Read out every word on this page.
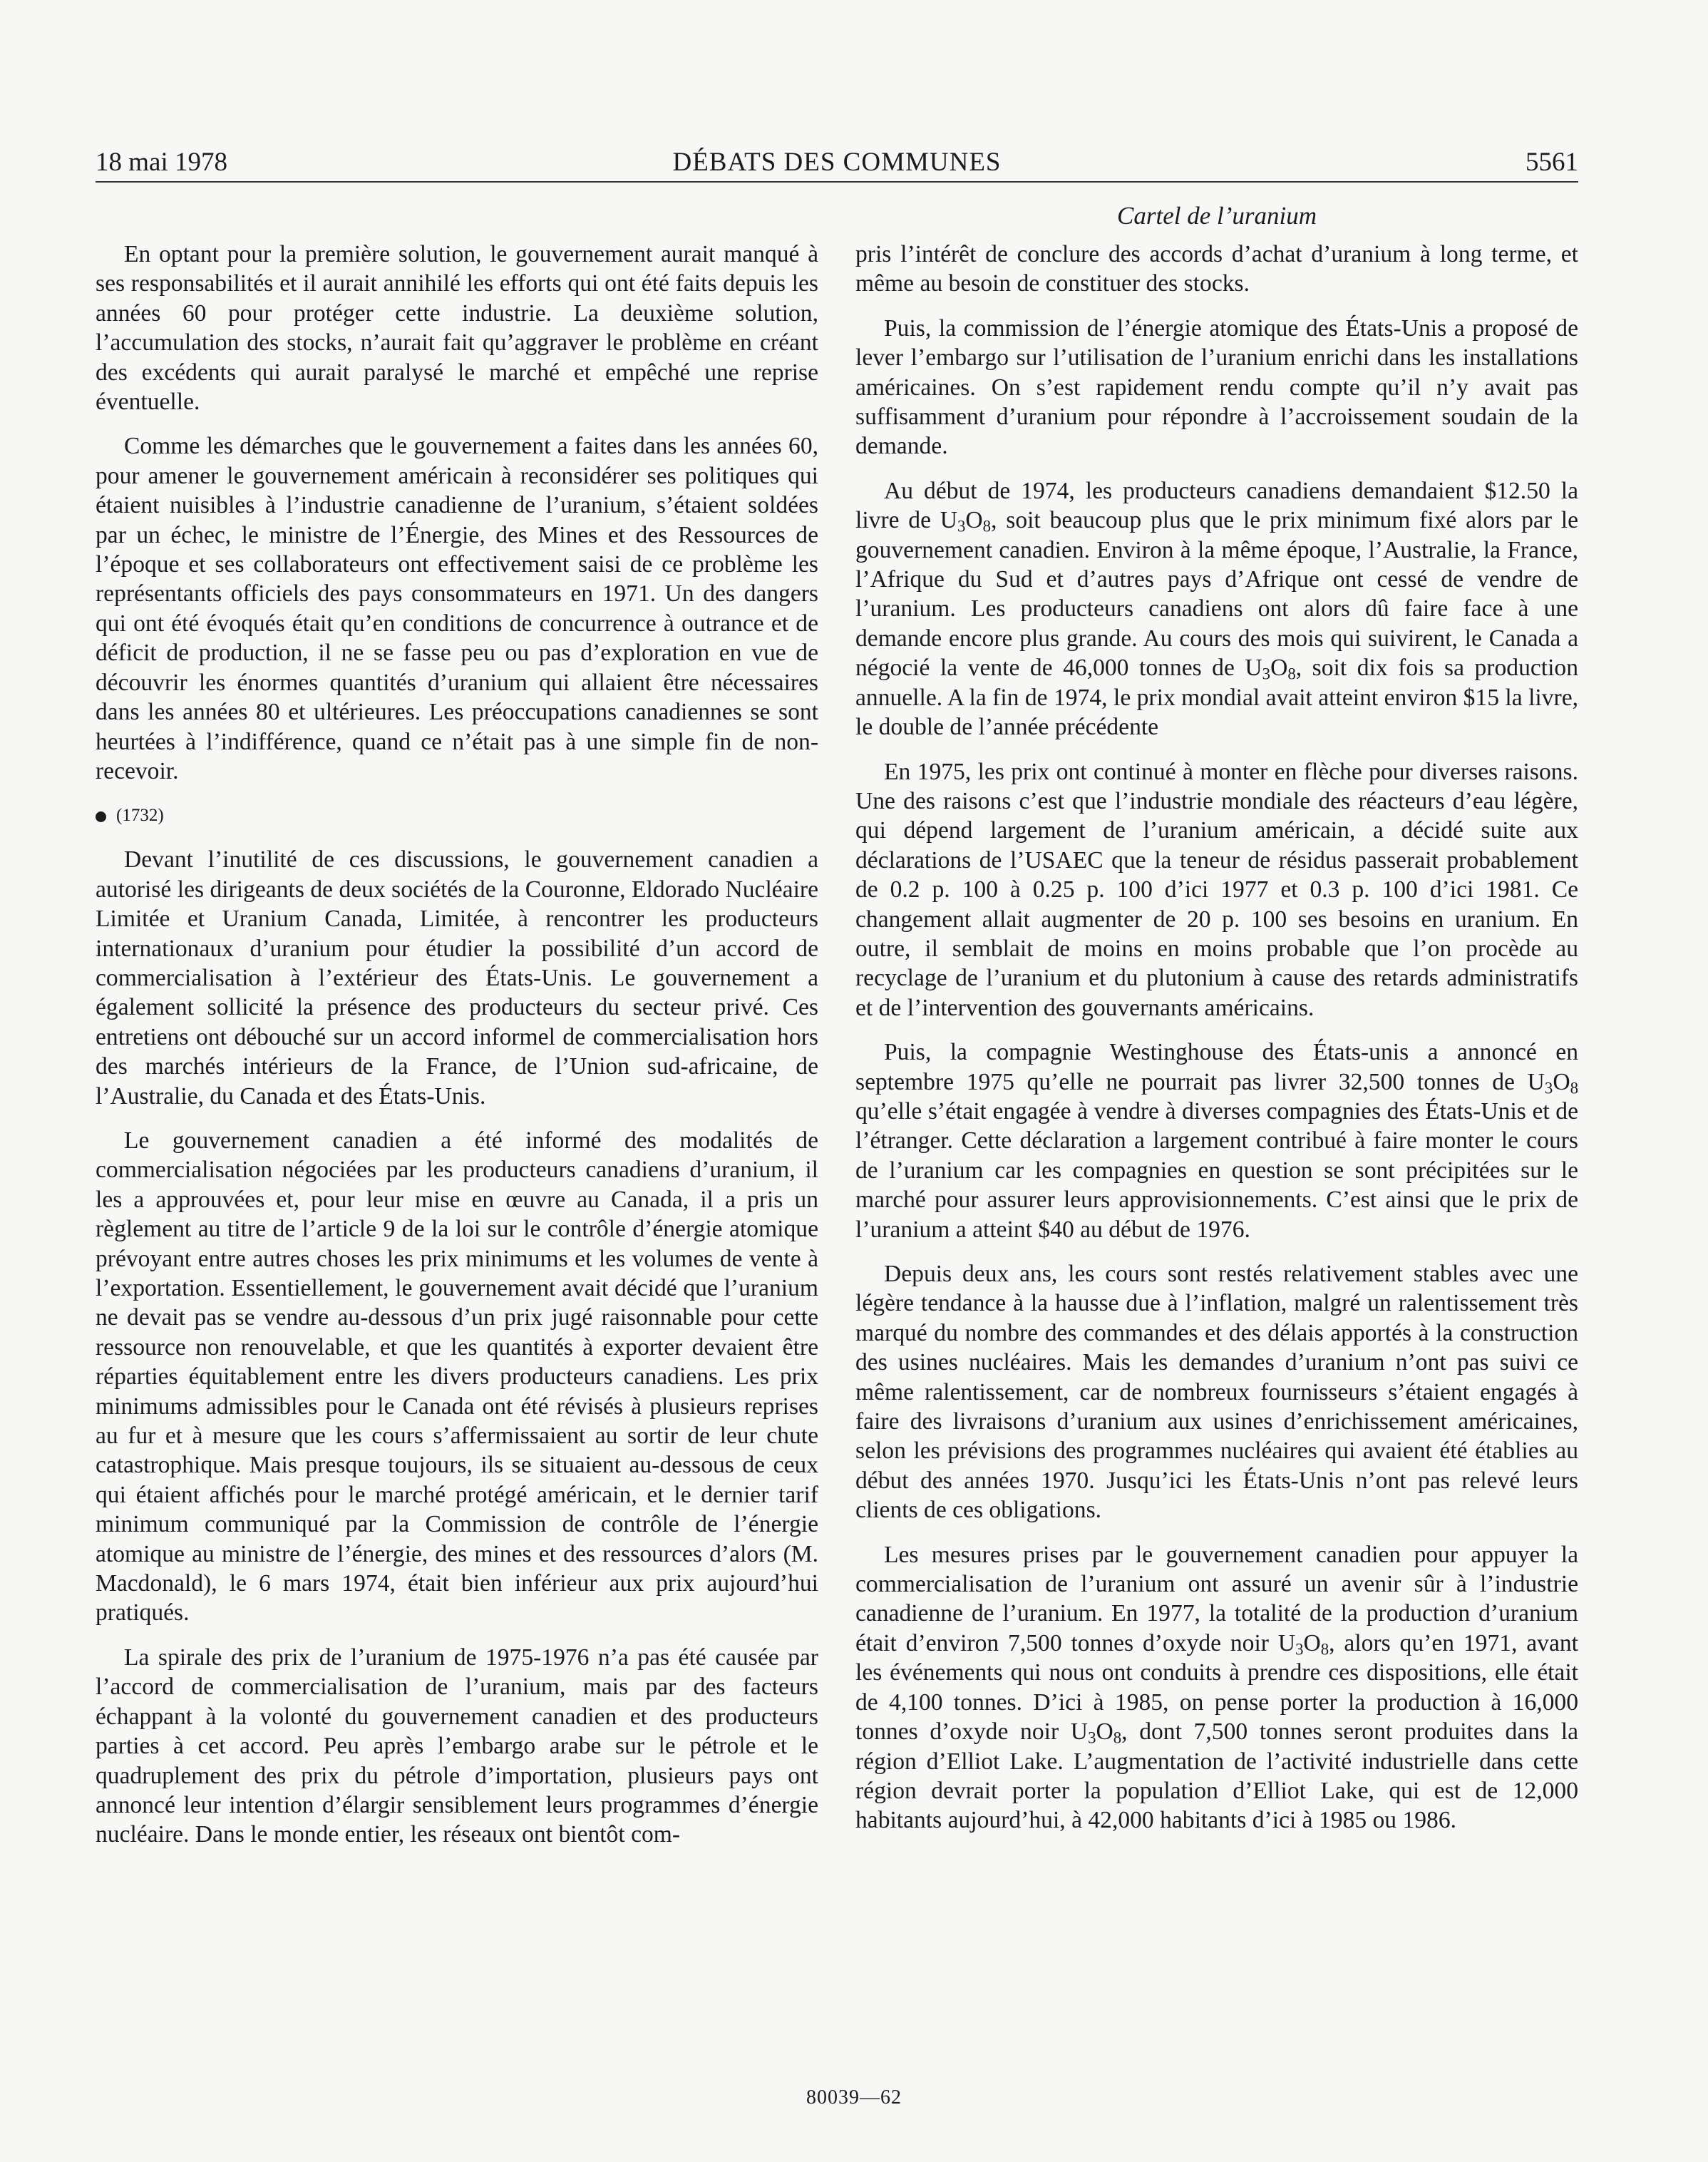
18 mai 1978	DÉBATS DES COMMUNES	5561
Cartel de l’uranium

En optant pour la première solution, le gouvernement aurait manqué à ses responsabilités et il aurait annihilé les efforts qui ont été faits depuis les années 60 pour protéger cette industrie. La deuxième solution, l’accumulation des stocks, n’aurait fait qu’aggraver le problème en créant des excédents qui aurait paralysé le marché et empêché une reprise éventuelle.

Comme les démarches que le gouvernement a faites dans les années 60, pour amener le gouvernement américain à reconsidérer ses politiques qui étaient nuisibles à l’industrie canadienne de l’uranium, s’étaient soldées par un échec, le ministre de l’Énergie, des Mines et des Ressources de l’époque et ses collaborateurs ont effectivement saisi de ce problème les représentants officiels des pays consommateurs en 1971. Un des dangers qui ont été évoqués était qu’en conditions de concurrence à outrance et de déficit de production, il ne se fasse peu ou pas d’exploration en vue de découvrir les énormes quantités d’uranium qui allaient être nécessaires dans les années 80 et ultérieures. Les préoccupations canadiennes se sont heurtées à l’indifférence, quand ce n’était pas à une simple fin de non-recevoir.

(1732)

Devant l’inutilité de ces discussions, le gouvernement canadien a autorisé les dirigeants de deux sociétés de la Couronne, Eldorado Nucléaire Limitée et Uranium Canada, Limitée, à rencontrer les producteurs internationaux d’uranium pour étudier la possibilité d’un accord de commercialisation à l’extérieur des États-Unis. Le gouvernement a également sollicité la présence des producteurs du secteur privé. Ces entretiens ont débouché sur un accord informel de commercialisation hors des marchés intérieurs de la France, de l’Union sud-africaine, de l’Australie, du Canada et des États-Unis.

Le gouvernement canadien a été informé des modalités de commercialisation négociées par les producteurs canadiens d’uranium, il les a approuvées et, pour leur mise en œuvre au Canada, il a pris un règlement au titre de l’article 9 de la loi sur le contrôle d’énergie atomique prévoyant entre autres choses les prix minimums et les volumes de vente à l’exportation. Essentiellement, le gouvernement avait décidé que l’uranium ne devait pas se vendre au-dessous d’un prix jugé raisonnable pour cette ressource non renouvelable, et que les quantités à exporter devaient être réparties équitablement entre les divers producteurs canadiens. Les prix minimums admissibles pour le Canada ont été révisés à plusieurs reprises au fur et à mesure que les cours s’affermissaient au sortir de leur chute catastrophique. Mais presque toujours, ils se situaient au-dessous de ceux qui étaient affichés pour le marché protégé américain, et le dernier tarif minimum communiqué par la Commission de contrôle de l’énergie atomique au ministre de l’énergie, des mines et des ressources d’alors (M. Macdonald), le 6 mars 1974, était bien inférieur aux prix aujourd’hui pratiqués.

La spirale des prix de l’uranium de 1975-1976 n’a pas été causée par l’accord de commercialisation de l’uranium, mais par des facteurs échappant à la volonté du gouvernement canadien et des producteurs parties à cet accord. Peu après l’embargo arabe sur le pétrole et le quadruplement des prix du pétrole d’importation, plusieurs pays ont annoncé leur intention d’élargir sensiblement leurs programmes d’énergie nucléaire. Dans le monde entier, les réseaux ont bientôt com-

pris l’intérêt de conclure des accords d’achat d’uranium à long terme, et même au besoin de constituer des stocks.

Puis, la commission de l’énergie atomique des États-Unis a proposé de lever l’embargo sur l’utilisation de l’uranium enrichi dans les installations américaines. On s’est rapidement rendu compte qu’il n’y avait pas suffisamment d’uranium pour répondre à l’accroissement soudain de la demande.

Au début de 1974, les producteurs canadiens demandaient $12.50 la livre de $U_3O_8$, soit beaucoup plus que le prix minimum fixé alors par le gouvernement canadien. Environ à la même époque, l’Australie, la France, l’Afrique du Sud et d’autres pays d’Afrique ont cessé de vendre de l’uranium. Les producteurs canadiens ont alors dû faire face à une demande encore plus grande. Au cours des mois qui suivirent, le Canada a négocié la vente de 46,000 tonnes de $U_3O_8$, soit dix fois sa production annuelle. A la fin de 1974, le prix mondial avait atteint environ $15 la livre, le double de l’année précédente

En 1975, les prix ont continué à monter en flèche pour diverses raisons. Une des raisons c’est que l’industrie mondiale des réacteurs d’eau légère, qui dépend largement de l’uranium américain, a décidé suite aux déclarations de l’USAEC que la teneur de résidus passerait probablement de 0.2 p. 100 à 0.25 p. 100 d’ici 1977 et 0.3 p. 100 d’ici 1981. Ce changement allait augmenter de 20 p. 100 ses besoins en uranium. En outre, il semblait de moins en moins probable que l’on procède au recyclage de l’uranium et du plutonium à cause des retards administratifs et de l’intervention des gouvernants américains.

Puis, la compagnie Westinghouse des États-unis a annoncé en septembre 1975 qu’elle ne pourrait pas livrer 32,500 tonnes de $U_3O_8$ qu’elle s’était engagée à vendre à diverses compagnies des États-Unis et de l’étranger. Cette déclaration a largement contribué à faire monter le cours de l’uranium car les compagnies en question se sont précipitées sur le marché pour assurer leurs approvisionnements. C’est ainsi que le prix de l’uranium a atteint $40 au début de 1976.

Depuis deux ans, les cours sont restés relativement stables avec une légère tendance à la hausse due à l’inflation, malgré un ralentissement très marqué du nombre des commandes et des délais apportés à la construction des usines nucléaires. Mais les demandes d’uranium n’ont pas suivi ce même ralentissement, car de nombreux fournisseurs s’étaient engagés à faire des livraisons d’uranium aux usines d’enrichissement américaines, selon les prévisions des programmes nucléaires qui avaient été établies au début des années 1970. Jusqu’ici les États-Unis n’ont pas relevé leurs clients de ces obligations.

Les mesures prises par le gouvernement canadien pour appuyer la commercialisation de l’uranium ont assuré un avenir sûr à l’industrie canadienne de l’uranium. En 1977, la totalité de la production d’uranium était d’environ 7,500 tonnes d’oxyde noir $U_3O_8$, alors qu’en 1971, avant les événements qui nous ont conduits à prendre ces dispositions, elle était de 4,100 tonnes. D’ici à 1985, on pense porter la production à 16,000 tonnes d’oxyde noir $U_3O_8$, dont 7,500 tonnes seront produites dans la région d’Elliot Lake. L’augmentation de l’activité industrielle dans cette région devrait porter la population d’Elliot Lake, qui est de 12,000 habitants aujourd’hui, à 42,000 habitants d’ici à 1985 ou 1986.

80039—62
